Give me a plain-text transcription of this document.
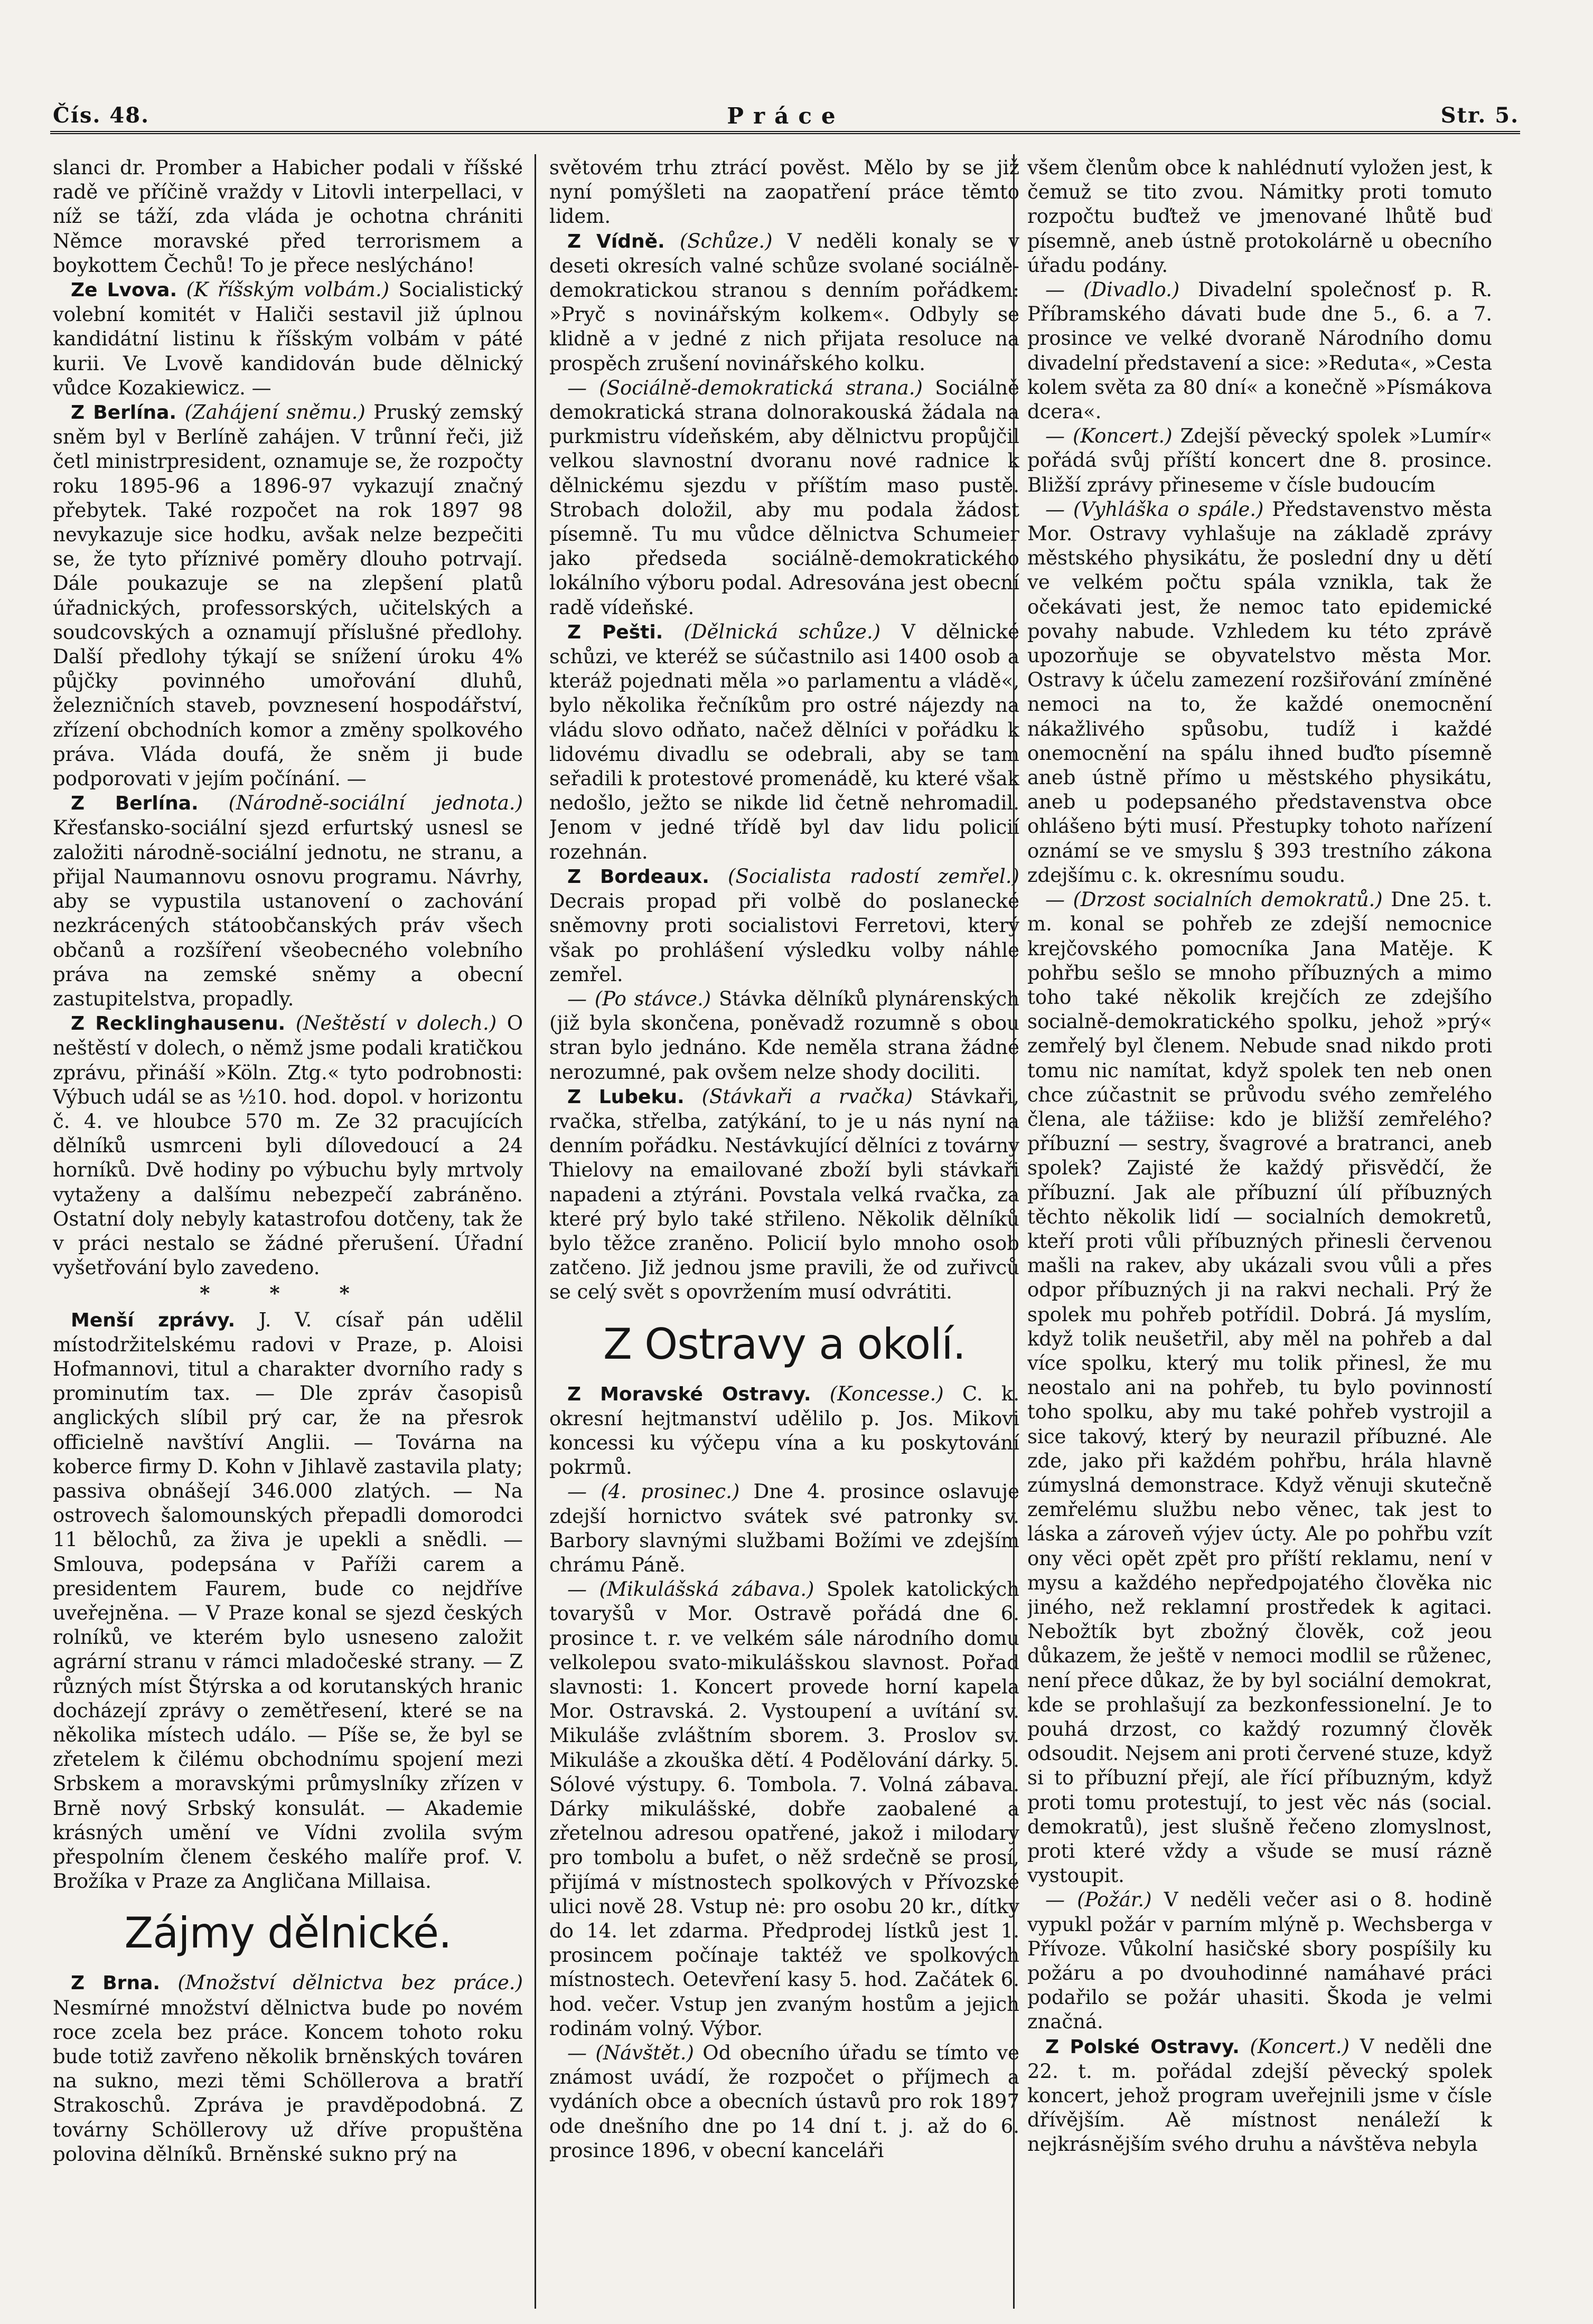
Čís. 48.	Práce	Str. 5.

slanci dr. Promber a Habicher podali v říšské radě ve příčině vraždy v Litovli interpellaci, v níž se táží, zda vláda je ochotna chrániti Němce moravské před terrorismem a boykottem Čechů! To je přece neslýcháno!

Ze Lvova. (K říšským volbám.) Socialistický volební komitét v Haliči sestavil již úplnou kandidátní listinu k říšským volbám v páté kurii. Ve Lvově kandidován bude dělnický vůdce Kozakiewicz. —

Z Berlína. (Zahájení sněmu.) Pruský zemský sněm byl v Berlíně zahájen. V trůnní řeči, již četl ministrpresident, oznamuje se, že rozpočty roku 1895-96 a 1896-97 vykazují značný přebytek. Také rozpočet na rok 1897 98 nevykazuje sice hodku, avšak nelze bezpečiti se, že tyto příznivé poměry dlouho potrvají. Dále poukazuje se na zlepšení platů úřadnických, professorských, učitelských a soudcovských a oznamují příslušné předlohy. Další předlohy týkají se snížení úroku 4% půjčky povinného umořování dluhů, železničních staveb, povznesení hospodářství, zřízení obchodních komor a změny spolkového práva. Vláda doufá, že sněm ji bude podporovati v jejím počínání. —

Z Berlína. (Národně-sociální jednota.) Křesťansko-sociální sjezd erfurtský usnesl se založiti národně-sociální jednotu, ne stranu, a přijal Naumannovu osnovu programu. Návrhy, aby se vypustila ustanovení o zachování nezkrácených státoobčanských práv všech občanů a rozšíření všeobecného volebního práva na zemské sněmy a obecní zastupitelstva, propadly.

Z Recklinghausenu. (Neštěstí v dolech.) O neštěstí v dolech, o němž jsme podali kratičkou zprávu, přináší »Köln. Ztg.« tyto podrobnosti: Výbuch udál se as ½10. hod. dopol. v horizontu č. 4. ve hloubce 570 m. Ze 32 pracujících dělníků usmrceni byli dílovedoucí a 24 horníků. Dvě hodiny po výbuchu byly mrtvoly vytaženy a dalšímu nebezpečí zabráněno. Ostatní doly nebyly katastrofou dotčeny, tak že v práci nestalo se žádné přerušení. Úřadní vyšetřování bylo zavedeno.

* * *

Menší zprávy. J. V. císař pán udělil místodržitelskému radovi v Praze, p. Aloisi Hofmannovi, titul a charakter dvorního rady s prominutím tax. — Dle zpráv časopisů anglických slíbil prý car, že na přesrok officielně navštíví Anglii. — Továrna na koberce firmy D. Kohn v Jihlavě zastavila platy; passiva obnášejí 346.000 zlatých. — Na ostrovech šalomounských přepadli domorodci 11 bělochů, za živa je upekli a snědli. — Smlouva, podepsána v Paříži carem a presidentem Faurem, bude co nejdříve uveřejněna. — V Praze konal se sjezd českých rolníků, ve kterém bylo usneseno založit agrární stranu v rámci mladočeské strany. — Z různých míst Štýrska a od korutanských hranic docházejí zprávy o zemětřesení, které se na několika místech událo. — Píše se, že byl se zřetelem k čilému obchodnímu spojení mezi Srbskem a moravskými průmyslníky zřízen v Brně nový Srbský konsulát. — Akademie krásných umění ve Vídni zvolila svým přespolním členem českého malíře prof. V. Brožíka v Praze za Angličana Millaisa.

Zájmy dělnické.

Z Brna. (Množství dělnictva bez práce.) Nesmírné množství dělnictva bude po novém roce zcela bez práce. Koncem tohoto roku bude totiž zavřeno několik brněnských továren na sukno, mezi těmi Schöllerova a bratří Strakoschů. Zpráva je pravděpodobná. Z továrny Schöllerovy už dříve propuštěna polovina dělníků. Brněnské sukno prý na

světovém trhu ztrácí pověst. Mělo by se již nyní pomýšleti na zaopatření práce těmto lidem.

Z Vídně. (Schůze.) V neděli konaly se v deseti okresích valné schůze svolané sociálně-demokratickou stranou s denním pořádkem: »Pryč s novinářským kolkem«. Odbyly se klidně a v jedné z nich přijata resoluce na prospěch zrušení novinářského kolku.

— (Sociálně-demokratická strana.) Sociálně demokratická strana dolnorakouská žádala na purkmistru vídeňském, aby dělnictvu propůjčil velkou slavnostní dvoranu nové radnice k dělnickému sjezdu v příštím maso pustě. Strobach doložil, aby mu podala žádost písemně. Tu mu vůdce dělnictva Schumeier jako předseda sociálně-demokratického lokálního výboru podal. Adresována jest obecní radě vídeňské.

Z Pešti. (Dělnická schůze.) V dělnické schůzi, ve kteréž se súčastnilo asi 1400 osob a kteráž pojednati měla »o parlamentu a vládě«, bylo několika řečníkům pro ostré nájezdy na vládu slovo odňato, načež dělníci v pořádku k lidovému divadlu se odebrali, aby se tam seřadili k protestové promenádě, ku které však nedošlo, ježto se nikde lid četně nehromadil. Jenom v jedné třídě byl dav lidu policií rozehnán.

Z Bordeaux. (Socialista radostí zemřel.) Decrais propad při volbě do poslanecké sněmovny proti socialistovi Ferretovi, který však po prohlášení výsledku volby náhle zemřel.

— (Po stávce.) Stávka dělníků plynárenských (již byla skončena, poněvadž rozumně s obou stran bylo jednáno. Kde neměla strana žádné nerozumné, pak ovšem nelze shody dociliti.

Z Lubeku. (Stávkaři a rvačka) Stávkaři, rvačka, střelba, zatýkání, to je u nás nyní na denním pořádku. Nestávkující dělníci z továrny Thielovy na emailované zboží byli stávkaři napadeni a ztýráni. Povstala velká rvačka, za které prý bylo také střileno. Několik dělníků bylo těžce zraněno. Policií bylo mnoho osob zatčeno. Již jednou jsme pravili, že od zuřivců se celý svět s opovržením musí odvrátiti.

Z Ostravy a okolí.

Z Moravské Ostravy. (Koncesse.) C. k. okresní hejtmanství udělilo p. Jos. Mikovi koncessi ku výčepu vína a ku poskytování pokrmů.

— (4. prosinec.) Dne 4. prosince oslavuje zdejší hornictvo svátek své patronky sv. Barbory slavnými službami Božími ve zdejším chrámu Páně.

— (Mikulášská zábava.) Spolek katolických tovaryšů v Mor. Ostravě pořádá dne 6. prosince t. r. ve velkém sále národního domu velkolepou svato-mikulášskou slavnost. Pořad slavnosti: 1. Koncert provede horní kapela Mor. Ostravská. 2. Vystoupení a uvítání sv. Mikuláše zvláštním sborem. 3. Proslov sv. Mikuláše a zkouška dětí. 4 Podělování dárky. 5. Sólové výstupy. 6. Tombola. 7. Volná zábava. Dárky mikulášské, dobře zaobalené a zřetelnou adresou opatřené, jakož i milodary pro tombolu a bufet, o něž srdečně se prosí, přijímá v místnostech spolkových v Přívozské ulici nově 28. Vstup nė: pro osobu 20 kr., dítky do 14. let zdarma. Předprodej lístků jest 1. prosincem počínaje taktéž ve spolkových místnostech. Oetevření kasy 5. hod. Začátek 6. hod. večer. Vstup jen zvaným hostům a jejich rodinám volný. Výbor.

— (Návštět.) Od obecního úřadu se tímto ve známost uvádí, že rozpočet o příjmech a vydáních obce a obecních ústavů pro rok 1897 ode dnešního dne po 14 dní t. j. až do 6. prosince 1896, v obecní kanceláři

všem členům obce k nahlédnutí vyložen jest, k čemuž se tito zvou. Námitky proti tomuto rozpočtu buďtež ve jmenované lhůtě buď písemně, aneb ústně protokolárně u obecního úřadu podány.

— (Divadlo.) Divadelní společnosť p. R. Příbramského dávati bude dne 5., 6. a 7. prosince ve velké dvoraně Národního domu divadelní představení a sice: »Reduta«, »Cesta kolem světa za 80 dní« a konečně »Písmákova dcera«.

— (Koncert.) Zdejší pěvecký spolek »Lumír« pořádá svůj příští koncert dne 8. prosince. Bližší zprávy přineseme v čísle budoucím

— (Vyhláška o spále.) Představenstvo města Mor. Ostravy vyhlašuje na základě zprávy městského physikátu, že poslední dny u dětí ve velkém počtu spála vznikla, tak že očekávati jest, že nemoc tato epidemické povahy nabude. Vzhledem ku této zprávě upozorňuje se obyvatelstvo města Mor. Ostravy k účelu zamezení rozšiřování zmíněné nemoci na to, že každé onemocnění nákažlivého spůsobu, tudíž i každé onemocnění na spálu ihned buďto písemně aneb ústně přímo u městského physikátu, aneb u podepsaného představenstva obce ohlášeno býti musí. Přestupky tohoto nařízení oznámí se ve smyslu § 393 trestního zákona zdejšímu c. k. okresnímu soudu.

— (Drzost socialních demokratů.) Dne 25. t. m. konal se pohřeb ze zdejší nemocnice krejčovského pomocníka Jana Matěje. K pohřbu sešlo se mnoho příbuzných a mimo toho také několik krejčích ze zdejšího socialně-demokratického spolku, jehož »prý« zemřelý byl členem. Nebude snad nikdo proti tomu nic namítat, když spolek ten neb onen chce zúčastnit se průvodu svého zemřelého člena, ale tážiise: kdo je bližší zemřelého? příbuzní — sestry, švagrové a bratranci, aneb spolek? Zajisté že každý přisvědčí, že příbuzní. Jak ale příbuzní úlí příbuzných těchto několik lidí — socialních demokretů, kteří proti vůli příbuzných přinesli červenou mašli na rakev, aby ukázali svou vůli a přes odpor příbuzných ji na rakvi nechali. Prý že spolek mu pohřeb potřídil. Dobrá. Já myslím, když tolik neušetřil, aby měl na pohřeb a dal více spolku, který mu tolik přinesl, že mu neostalo ani na pohřeb, tu bylo povinností toho spolku, aby mu také pohřeb vystrojil a sice takový, který by neurazil příbuzné. Ale zde, jako při každém pohřbu, hrála hlavně zúmyslná demonstrace. Když věnuji skutečně zemřelému službu nebo věnec, tak jest to láska a zároveň výjev úcty. Ale po pohřbu vzít ony věci opět zpět pro příští reklamu, není v mysu a každého nepředpojatého člověka nic jiného, než reklamní prostředek k agitaci. Nebožtík byt zbožný člověk, což jeou důkazem, že ještě v nemoci modlil se růženec, není přece důkaz, že by byl sociální demokrat, kde se prohlašují za bezkonfessionelní. Je to pouhá drzost, co každý rozumný člověk odsoudit. Nejsem ani proti červené stuze, když si to příbuzní přejí, ale řící příbuzným, když proti tomu protestují, to jest věc nás (social. demokratů), jest slušně řečeno zlomyslnost, proti které vždy a všude se musí rázně vystoupit.

— (Požár.) V neděli večer asi o 8. hodině vypukl požár v parním mlýně p. Wechsberga v Přívoze. Vůkolní hasičské sbory pospíšily ku požáru a po dvouhodinné namáhavé práci podařilo se požár uhasiti. Škoda je velmi značná.

Z Polské Ostravy. (Koncert.) V neděli dne 22. t. m. pořádal zdejší pěvecký spolek koncert, jehož program uveřejnili jsme v čísle dřívějším. Aě místnost nenáleží k nejkrásnějším svého druhu a návštěva nebyla
